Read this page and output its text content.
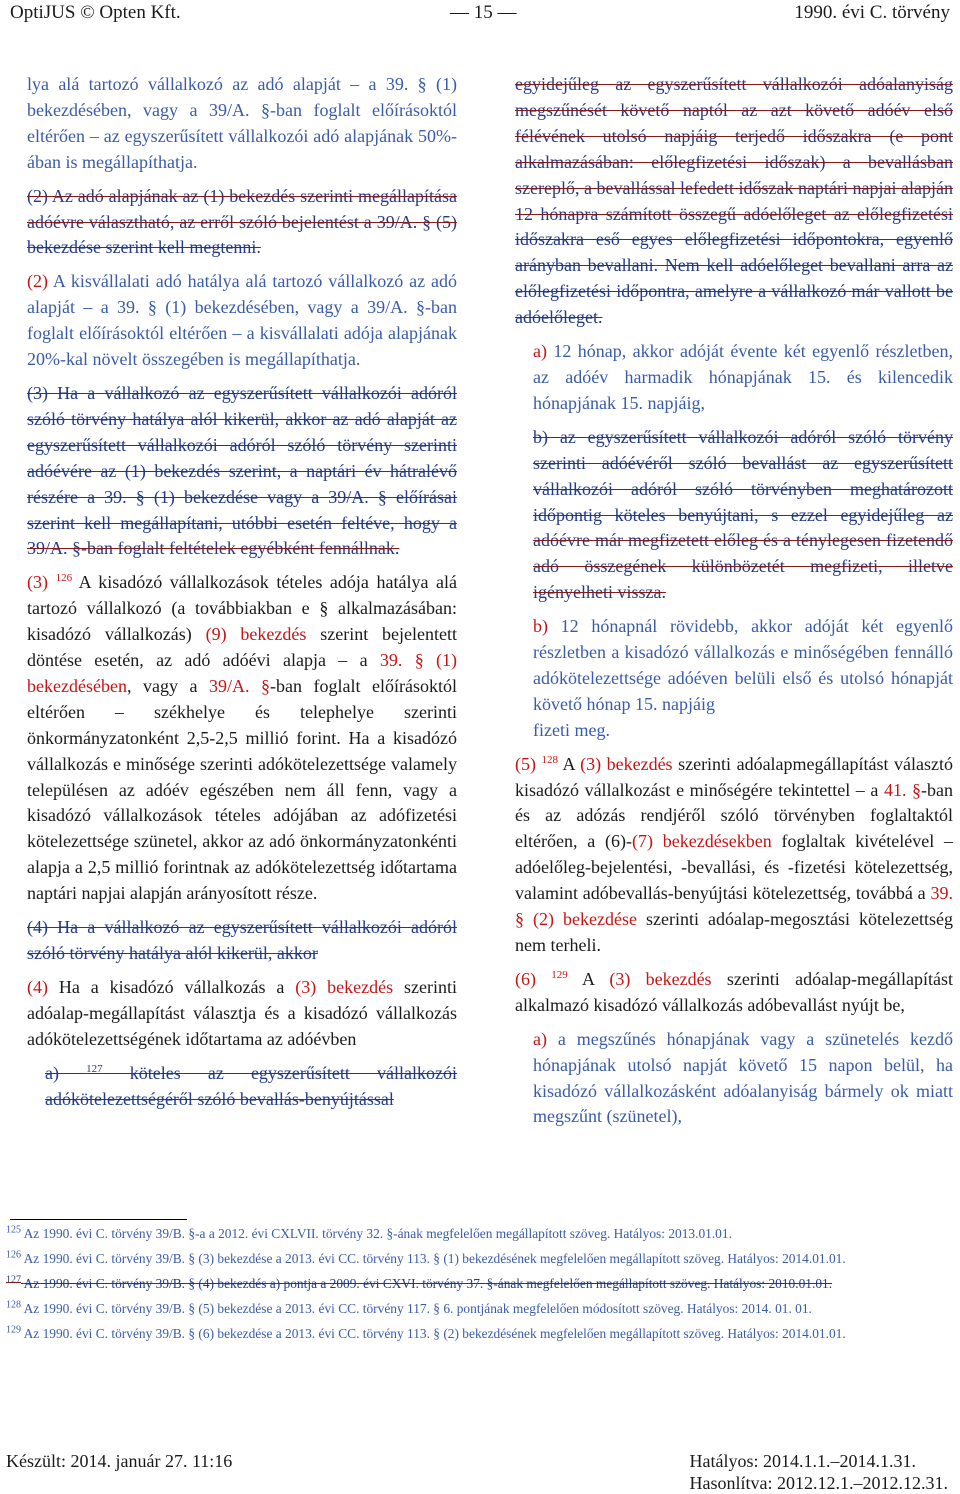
OptiJUS © Opten Kft.	— 15 —	1990. évi C. törvény

lya alá tartozó vállalkozó az adó alapját – a 39. § (1) bekezdésében, vagy a 39/A. §-ban foglalt előírásoktól eltérően – az egyszerűsített vállalkozói adó alapjának 50%-ában is megállapíthatja.

(2) Az adó alapjának az (1) bekezdés szerinti megállapítása adóévre választható, az erről szóló bejelentést a 39/A. § (5) bekezdése szerint kell megtenni.

(2) A kisvállalati adó hatálya alá tartozó vállalkozó az adó alapját – a 39. § (1) bekezdésében, vagy a 39/A. §-ban foglalt előírásoktól eltérően – a kisvállalati adója alapjának 20%-kal növelt összegében is megállapíthatja.

(3) Ha a vállalkozó az egyszerűsített vállalkozói adóról szóló törvény hatálya alól kikerül, akkor az adó alapját az egyszerűsített vállalkozói adóról szóló törvény szerinti adóévére az (1) bekezdés szerint, a naptári év hátralévő részére a 39. § (1) bekezdése vagy a 39/A. § előírásai szerint kell megállapítani, utóbbi esetén feltéve, hogy a 39/A. §-ban foglalt feltételek egyébként fennállnak.

(3) $^{126}$ A kisadózó vállalkozások tételes adója hatálya alá tartozó vállalkozó (a továbbiakban e § alkalmazásában: kisadózó vállalkozás) (9) bekezdés szerint bejelentett döntése esetén, az adó adóévi alapja – a 39. § (1) bekezdésében, vagy a 39/A. §-ban foglalt előírásoktól eltérően – székhelye és telephelye szerinti önkormányzatonként 2,5-2,5 millió forint. Ha a kisadózó vállalkozás e minősége szerinti adókötelezettsége valamely településen az adóév egészében nem áll fenn, vagy a kisadózó vállalkozások tételes adójában az adófizetési kötelezettsége szünetel, akkor az adó önkormányzatonkénti alapja a 2,5 millió forintnak az adókötelezettség időtartama naptári napjai alapján arányosított része.

(4) Ha a vállalkozó az egyszerűsített vállalkozói adóról szóló törvény hatálya alól kikerül, akkor

(4) Ha a kisadózó vállalkozás a (3) bekezdés szerinti adóalap-megállapítást választja és a kisadózó vállalkozás adókötelezettségének időtartama az adóévben

a) $^{127}$ köteles az egyszerűsített vállalkozói adókötelezettségéről szóló bevallás-benyújtással

egyidejűleg az egyszerűsített vállalkozói adóalanyiság megszűnését követő naptól az azt követő adóév első félévének utolsó napjáig terjedő időszakra (e pont alkalmazásában: előlegfizetési időszak) a bevallásban szereplő, a bevallással lefedett időszak naptári napjai alapján 12 hónapra számított összegű adóelőleget az előlegfizetési időszakra eső egyes előlegfizetési időpontokra, egyenlő arányban bevallani. Nem kell adóelőleget bevallani arra az előlegfizetési időpontra, amelyre a vállalkozó már vallott be adóelőleget.

a) 12 hónap, akkor adóját évente két egyenlő részletben, az adóév harmadik hónapjának 15. és kilencedik hónapjának 15. napjáig,

b) az egyszerűsített vállalkozói adóról szóló törvény szerinti adóévéről szóló bevallást az egyszerűsített vállalkozói adóról szóló törvényben meghatározott időpontig köteles benyújtani, s ezzel egyidejűleg az adóévre már megfizetett előleg és a ténylegesen fizetendő adó összegének különbözetét megfizeti, illetve igényelheti vissza.

b) 12 hónapnál rövidebb, akkor adóját két egyenlő részletben a kisadózó vállalkozás e minőségében fennálló adókötelezettsége adóéven belüli első és utolsó hónapját követő hónap 15. napjáig
fizeti meg.

(5) $^{128}$ A (3) bekezdés szerinti adóalapmegállapítást választó kisadózó vállalkozást e minőségére tekintettel – a 41. §-ban és az adózás rendjéről szóló törvényben foglaltaktól eltérően, a (6)-(7) bekezdésekben foglaltak kivételével – adóelőleg-bejelentési, -bevallási, és -fizetési kötelezettség, valamint adóbevallás-benyújtási kötelezettség, továbbá a 39. § (2) bekezdése szerinti adóalap-megosztási kötelezettség nem terheli.

(6) $^{129}$ A (3) bekezdés szerinti adóalap-megállapítást alkalmazó kisadózó vállalkozás adóbevallást nyújt be,

a) a megszűnés hónapjának vagy a szünetelés kezdő hónapjának utolsó napját követő 15 napon belül, ha kisadózó vállalkozásként adóalanyiság bármely ok miatt megszűnt (szünetel),

$^{125}$ Az 1990. évi C. törvény 39/B. §-a a 2012. évi CXLVII. törvény 32. §-ának megfelelően megállapított szöveg. Hatályos: 2013.01.01.

$^{126}$ Az 1990. évi C. törvény 39/B. § (3) bekezdése a 2013. évi CC. törvény 113. § (1) bekezdésének megfelelően megállapított szöveg. Hatályos: 2014.01.01.

$^{127}$ Az 1990. évi C. törvény 39/B. § (4) bekezdés a) pontja a 2009. évi CXVI. törvény 37. §-ának megfelelően megállapított szöveg. Hatályos: 2010.01.01.

$^{128}$ Az 1990. évi C. törvény 39/B. § (5) bekezdése a 2013. évi CC. törvény 117. § 6. pontjának megfelelően módosított szöveg. Hatályos: 2014. 01. 01.

$^{129}$ Az 1990. évi C. törvény 39/B. § (6) bekezdése a 2013. évi CC. törvény 113. § (2) bekezdésének megfelelően megállapított szöveg. Hatályos: 2014.01.01.

Készült: 2014. január 27. 11:16	Hatályos: 2014.1.1.–2014.1.31.
Hasonlítva: 2012.12.1.–2012.12.31.
